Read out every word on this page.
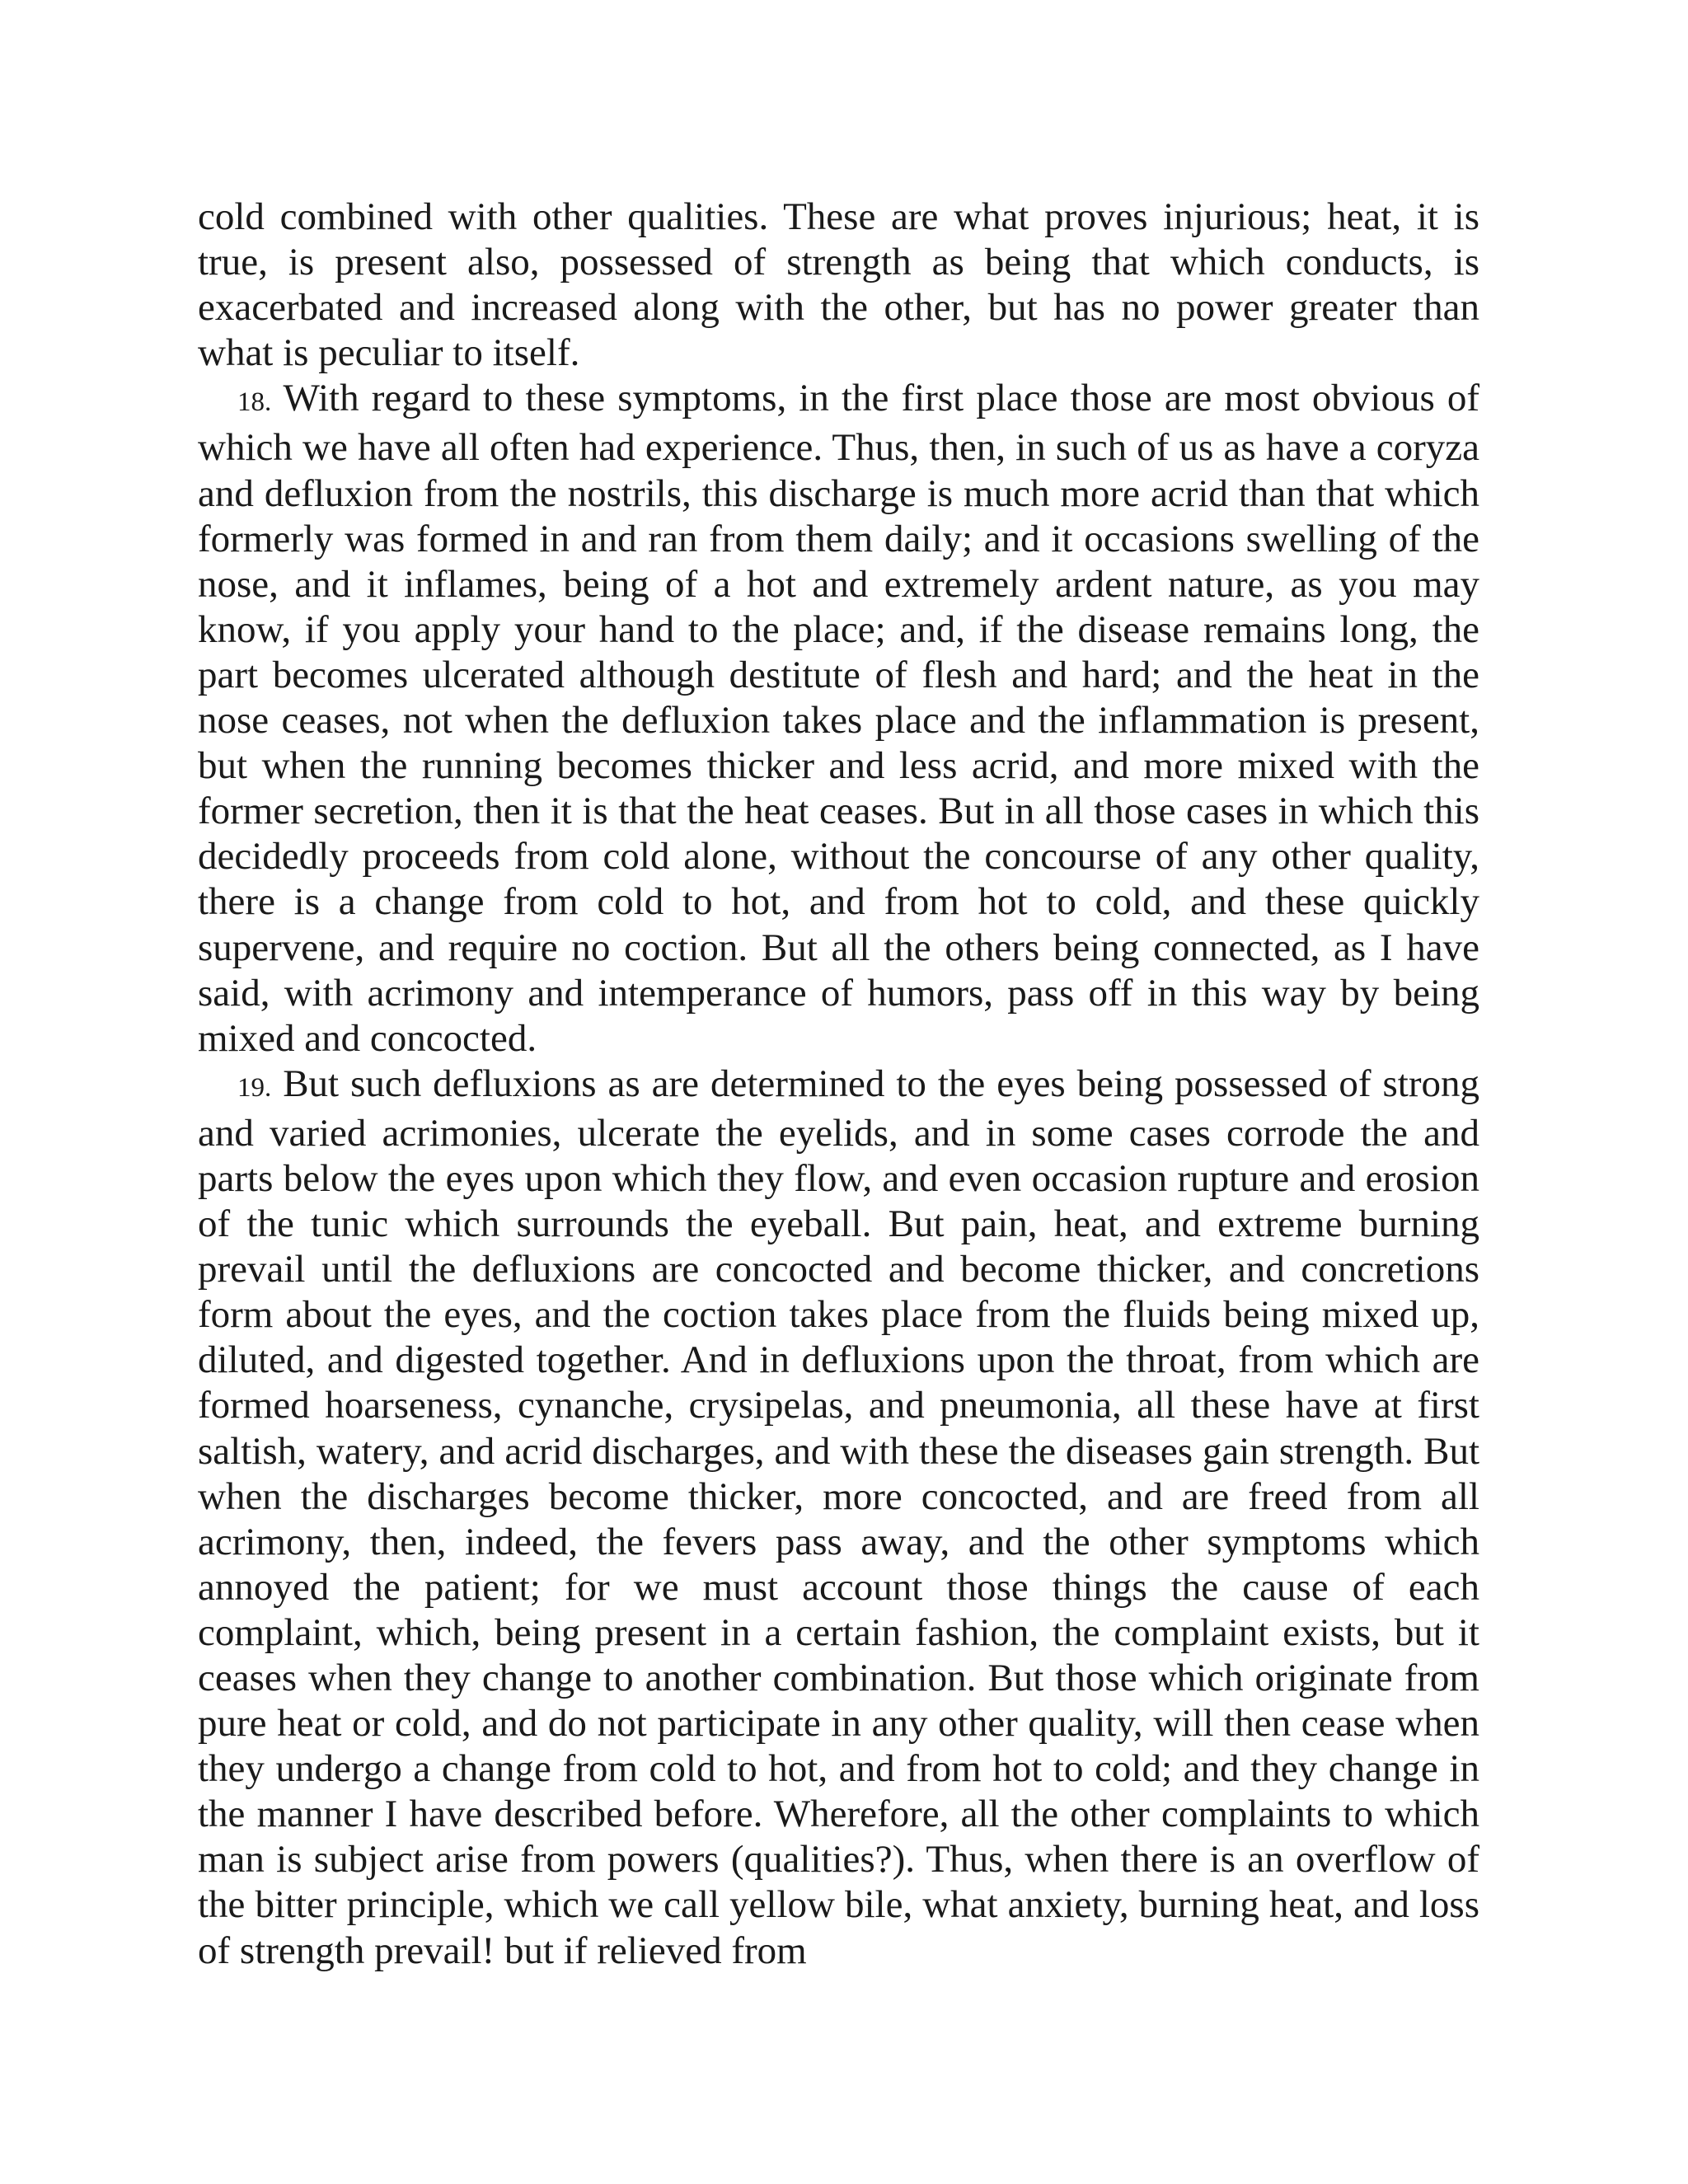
cold combined with other qualities. These are what proves injurious; heat, it is true, is present also, possessed of strength as being that which conducts, is exacerbated and increased along with the other, but has no power greater than what is peculiar to itself.

18. With regard to these symptoms, in the first place those are most obvious of which we have all often had experience. Thus, then, in such of us as have a coryza and defluxion from the nostrils, this discharge is much more acrid than that which formerly was formed in and ran from them daily; and it occasions swelling of the nose, and it inflames, being of a hot and extremely ardent nature, as you may know, if you apply your hand to the place; and, if the disease remains long, the part becomes ulcerated although destitute of flesh and hard; and the heat in the nose ceases, not when the defluxion takes place and the inflammation is present, but when the running becomes thicker and less acrid, and more mixed with the former secretion, then it is that the heat ceases. But in all those cases in which this decidedly proceeds from cold alone, without the concourse of any other quality, there is a change from cold to hot, and from hot to cold, and these quickly supervene, and require no coction. But all the others being connected, as I have said, with acrimony and intemperance of humors, pass off in this way by being mixed and concocted.

19. But such defluxions as are determined to the eyes being possessed of strong and varied acrimonies, ulcerate the eyelids, and in some cases corrode the and parts below the eyes upon which they flow, and even occasion rupture and erosion of the tunic which surrounds the eyeball. But pain, heat, and extreme burning prevail until the defluxions are concocted and become thicker, and concretions form about the eyes, and the coction takes place from the fluids being mixed up, diluted, and digested together. And in defluxions upon the throat, from which are formed hoarseness, cynanche, crysipelas, and pneumonia, all these have at first saltish, watery, and acrid discharges, and with these the diseases gain strength. But when the discharges become thicker, more concocted, and are freed from all acrimony, then, indeed, the fevers pass away, and the other symptoms which annoyed the patient; for we must account those things the cause of each complaint, which, being present in a certain fashion, the complaint exists, but it ceases when they change to another combination. But those which originate from pure heat or cold, and do not participate in any other quality, will then cease when they undergo a change from cold to hot, and from hot to cold; and they change in the manner I have described before. Wherefore, all the other complaints to which man is subject arise from powers (qualities?). Thus, when there is an overflow of the bitter principle, which we call yellow bile, what anxiety, burning heat, and loss of strength prevail! but if relieved from
